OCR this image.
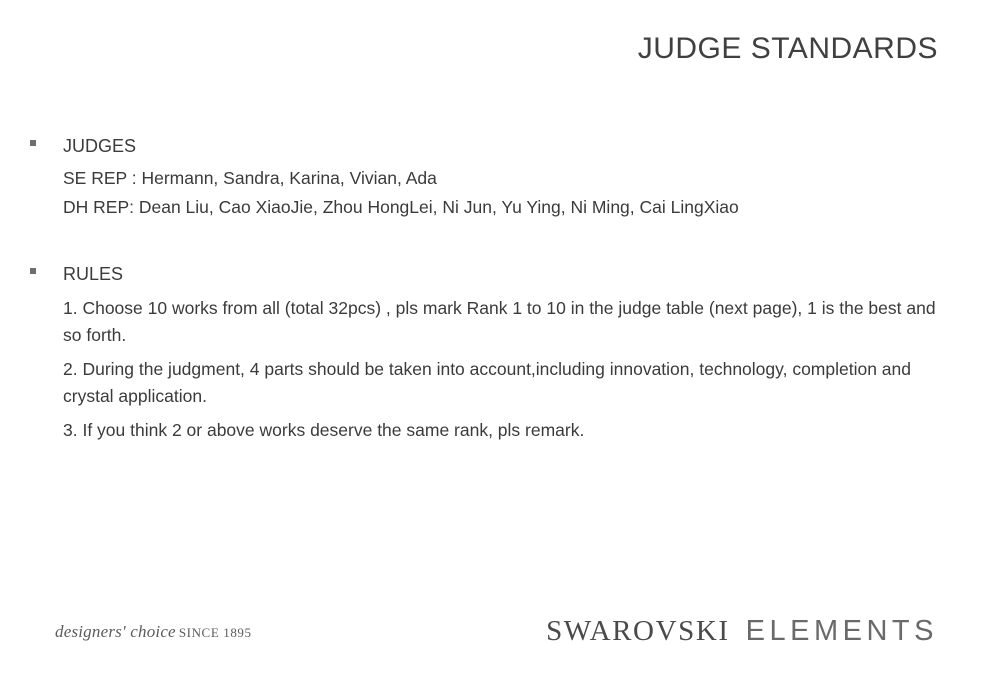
JUDGE STANDARDS

JUDGES

SE REP : Hermann, Sandra, Karina, Vivian, Ada

DH REP: Dean Liu, Cao XiaoJie, Zhou HongLei, Ni Jun, Yu Ying, Ni Ming, Cai LingXiao

RULES

1. Choose 10 works from all (total 32pcs) , pls mark Rank 1 to 10 in the judge table (next page), 1 is the best and so forth.

2. During the judgment, 4 parts should be taken into account,including innovation, technology, completion and crystal application.

3. If you think 2 or above works deserve the same rank, pls remark.

designers' choice SINCE 1895	SWAROVSKI ELEMENTS
